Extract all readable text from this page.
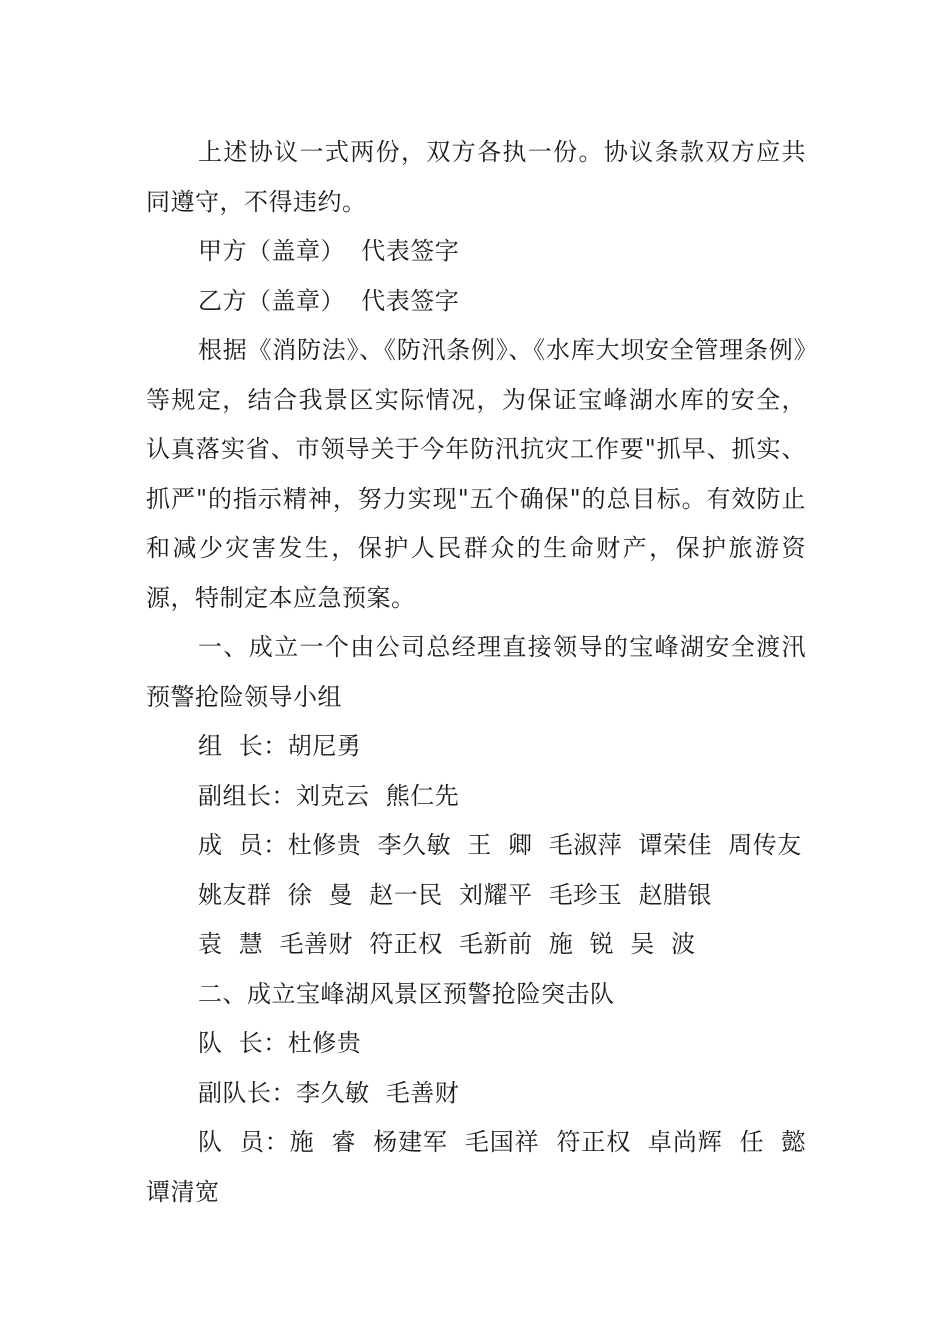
上述协议一式两份，双方各执一份。协议条款双方应共同遵守，不得违约。

甲方（盖章）  代表签字

乙方（盖章）  代表签字

根据《消防法》、《防汛条例》、《水库大坝安全管理条例》等规定，结合我景区实际情况，为保证宝峰湖水库的安全，认真落实省、市领导关于今年防汛抗灾工作要"抓早、抓实、抓严"的指示精神，努力实现"五个确保"的总目标。有效防止和减少灾害发生，保护人民群众的生命财产，保护旅游资源，特制定本应急预案。

一、成立一个由公司总经理直接领导的宝峰湖安全渡汛预警抢险领导小组

组  长：胡尼勇

副组长：刘克云  熊仁先

成  员：杜修贵  李久敏  王  卿  毛淑萍  谭荣佳  周传友

姚友群  徐  曼  赵一民  刘耀平  毛珍玉  赵腊银

袁  慧  毛善财  符正权  毛新前  施  锐  吴  波

二、成立宝峰湖风景区预警抢险突击队

队  长：杜修贵

副队长：李久敏  毛善财

队  员：施  睿  杨建军  毛国祥  符正权  卓尚辉  任  懿谭清宽
